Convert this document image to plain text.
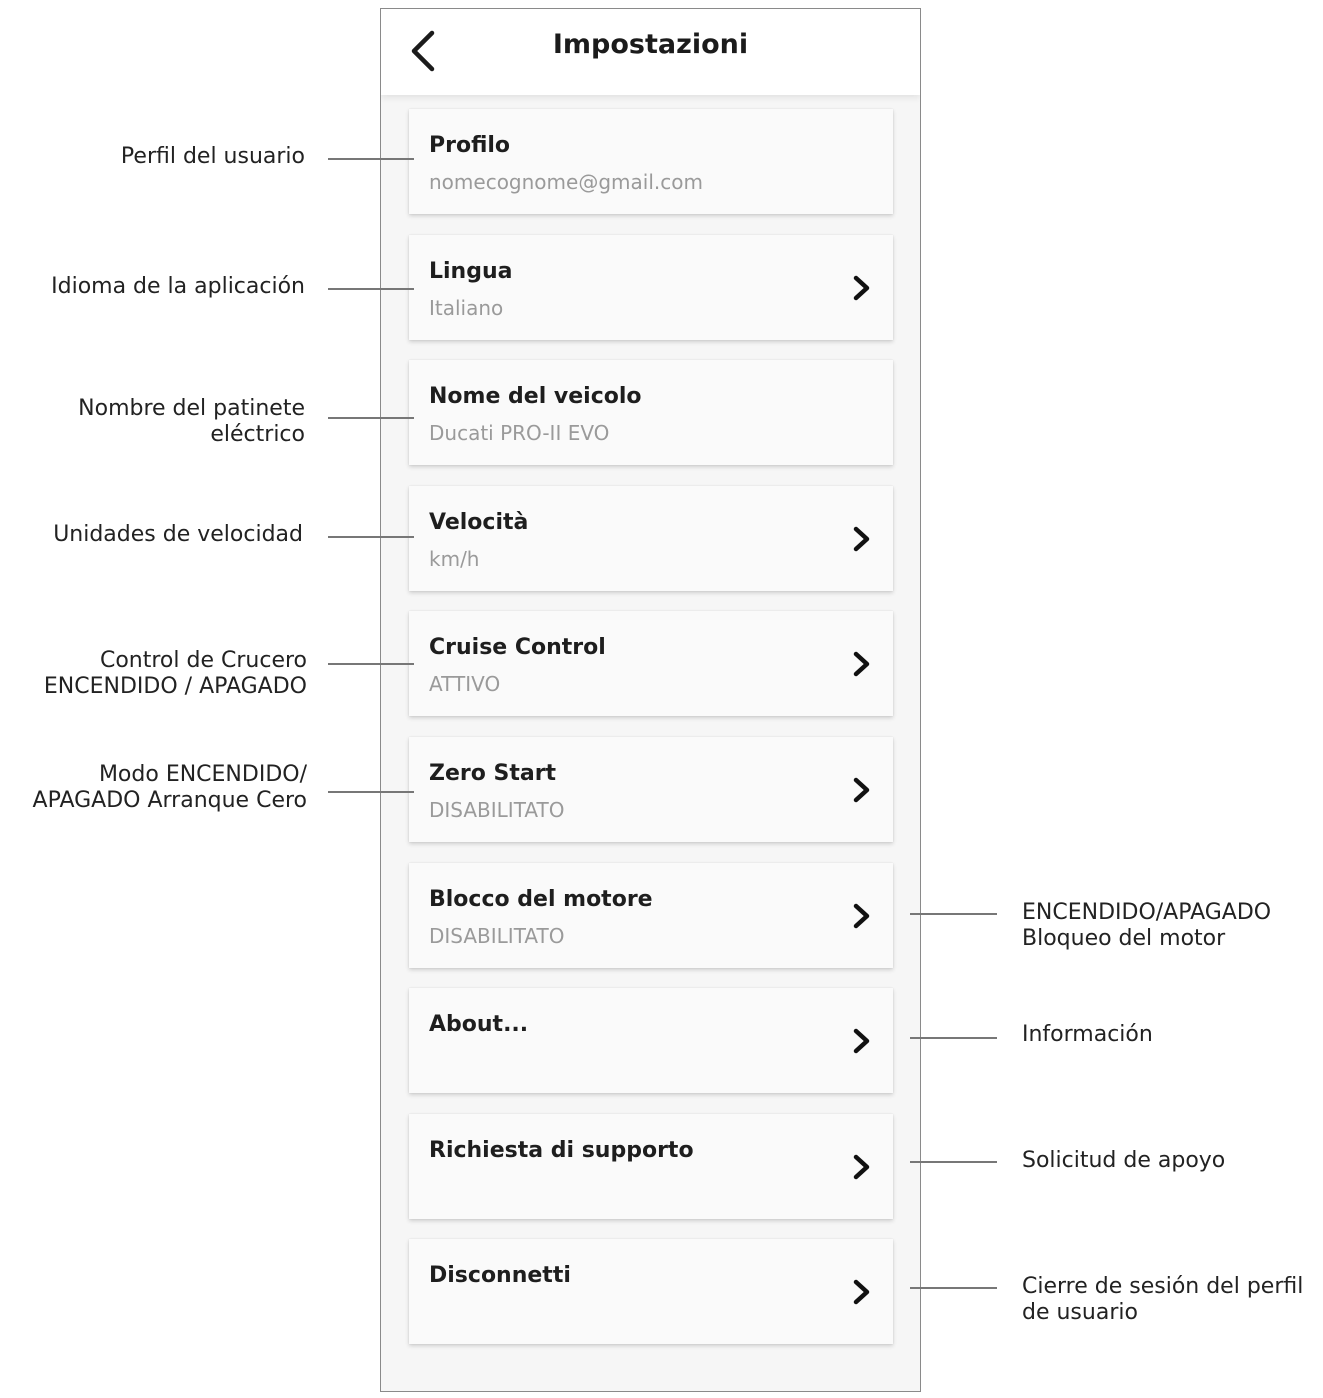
Impostazioni
Profilo
nomecognome@gmail.com
Lingua
Italiano
Nome del veicolo
Ducati PRO-II EVO
Velocità
km/h
Cruise Control
ATTIVO
Zero Start
DISABILITATO
Blocco del motore
DISABILITATO
About...
Richiesta di supporto
Disconnetti
Perfil del usuario
Idioma de la aplicación
Nombre del patinete
eléctrico
Unidades de velocidad
Control de Crucero
ENCENDIDO / APAGADO
Modo ENCENDIDO/
APAGADO Arranque Cero
ENCENDIDO/APAGADO
Bloqueo del motor
Información
Solicitud de apoyo
Cierre de sesión del perfil
de usuario
